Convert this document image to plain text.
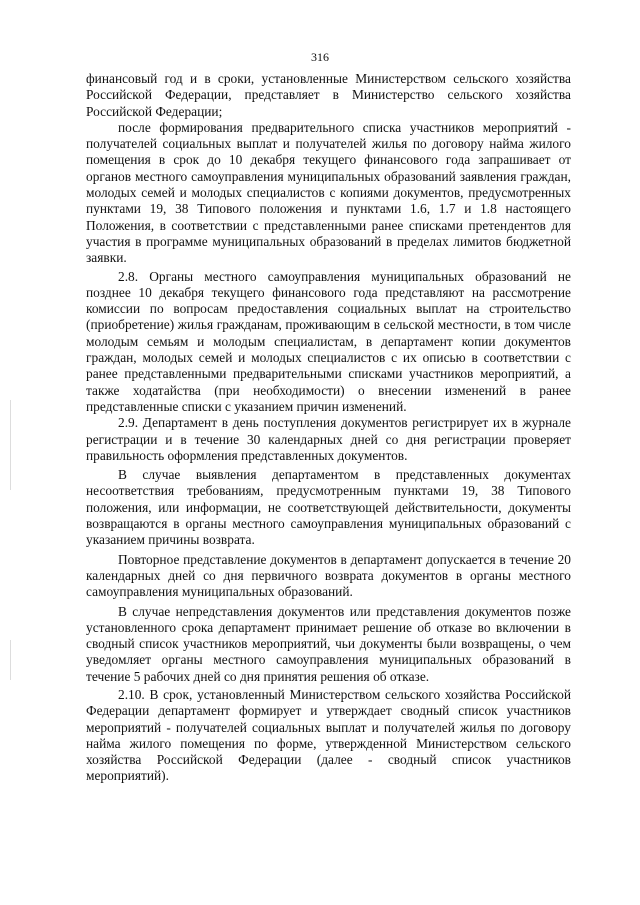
316

финансовый год и в сроки, установленные Министерством сельского хозяйства Российской Федерации, представляет в Министерство сельского хозяйства Российской Федерации;

после формирования предварительного списка участников мероприятий - получателей социальных выплат и получателей жилья по договору найма жилого помещения в срок до 10 декабря текущего финансового года запрашивает от органов местного самоуправления муниципальных образований заявления граждан, молодых семей и молодых специалистов с копиями документов, предусмотренных пунктами 19, 38 Типового положения и пунктами 1.6, 1.7 и 1.8 настоящего Положения, в соответствии с представленными ранее списками претендентов для участия в программе муниципальных образований в пределах лимитов бюджетной заявки.

2.8. Органы местного самоуправления муниципальных образований не позднее 10 декабря текущего финансового года представляют на рассмотрение комиссии по вопросам предоставления социальных выплат на строительство (приобретение) жилья гражданам, проживающим в сельской местности, в том числе молодым семьям и молодым специалистам, в департамент копии документов граждан, молодых семей и молодых специалистов с их описью в соответствии с ранее представленными предварительными списками участников мероприятий, а также ходатайства (при необходимости) о внесении изменений в ранее представленные списки с указанием причин изменений.

2.9. Департамент в день поступления документов регистрирует их в журнале регистрации и в течение 30 календарных дней со дня регистрации проверяет правильность оформления представленных документов.

В случае выявления департаментом в представленных документах несоответствия требованиям, предусмотренным пунктами 19, 38 Типового положения, или информации, не соответствующей действительности, документы возвращаются в органы местного самоуправления муниципальных образований с указанием причины возврата.

Повторное представление документов в департамент допускается в течение 20 календарных дней со дня первичного возврата документов в органы местного самоуправления муниципальных образований.

В случае непредставления документов или представления документов позже установленного срока департамент принимает решение об отказе во включении в сводный список участников мероприятий, чьи документы были возвращены, о чем уведомляет органы местного самоуправления муниципальных образований в течение 5 рабочих дней со дня принятия решения об отказе.

2.10. В срок, установленный Министерством сельского хозяйства Российской Федерации департамент формирует и утверждает сводный список участников мероприятий - получателей социальных выплат и получателей жилья по договору найма жилого помещения по форме, утвержденной Министерством сельского хозяйства Российской Федерации (далее - сводный список участников мероприятий).
